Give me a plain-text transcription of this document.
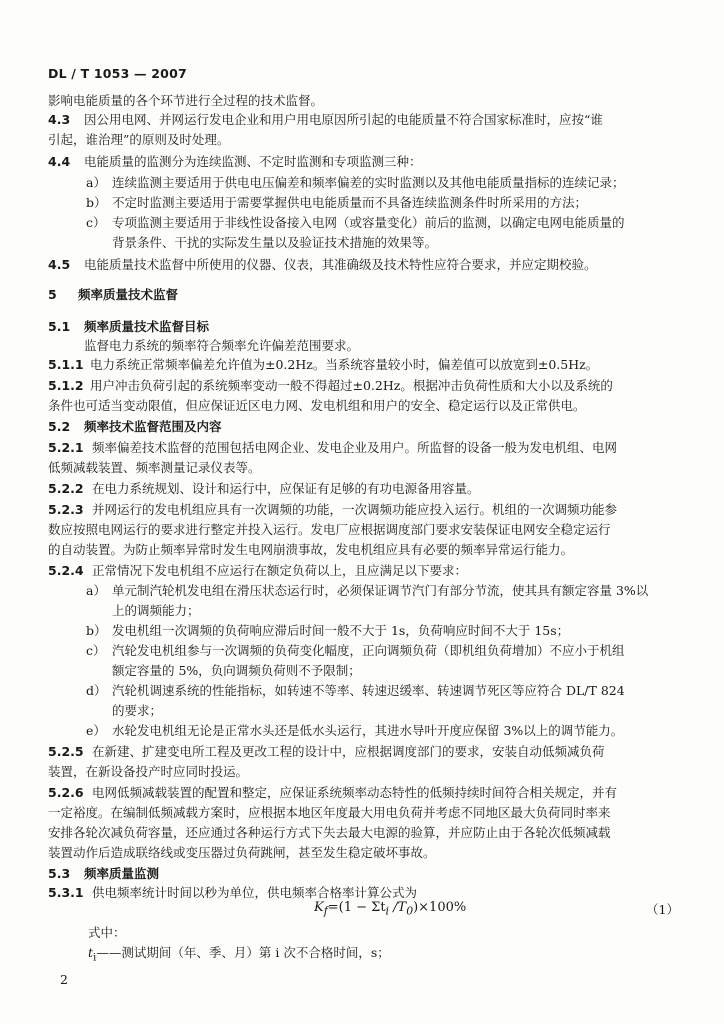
DL / T 1053 — 2007
影响电能质量的各个环节进行全过程的技术监督。
4.3 因公用电网、并网运行发电企业和用户用电原因所引起的电能质量不符合国家标准时，应按“谁
引起，谁治理”的原则及时处理。
4.4 电能质量的监测分为连续监测、不定时监测和专项监测三种：
a） 连续监测主要适用于供电电压偏差和频率偏差的实时监测以及其他电能质量指标的连续记录；
b） 不定时监测主要适用于需要掌握供电电能质量而不具备连续监测条件时所采用的方法；
c） 专项监测主要适用于非线性设备接入电网（或容量变化）前后的监测，以确定电网电能质量的
背景条件、干扰的实际发生量以及验证技术措施的效果等。
4.5 电能质量技术监督中所使用的仪器、仪表，其准确级及技术特性应符合要求，并应定期校验。
5 频率质量技术监督
5.1 频率质量技术监督目标
监督电力系统的频率符合频率允许偏差范围要求。
5.1.1 电力系统正常频率偏差允许值为±0.2Hz。当系统容量较小时，偏差值可以放宽到±0.5Hz。
5.1.2 用户冲击负荷引起的系统频率变动一般不得超过±0.2Hz。根据冲击负荷性质和大小以及系统的
条件也可适当变动限值，但应保证近区电力网、发电机组和用户的安全、稳定运行以及正常供电。
5.2 频率技术监督范围及内容
5.2.1 频率偏差技术监督的范围包括电网企业、发电企业及用户。所监督的设备一般为发电机组、电网
低频减载装置、频率测量记录仪表等。
5.2.2 在电力系统规划、设计和运行中，应保证有足够的有功电源备用容量。
5.2.3 并网运行的发电机组应具有一次调频的功能，一次调频功能应投入运行。机组的一次调频功能参
数应按照电网运行的要求进行整定并投入运行。发电厂应根据调度部门要求安装保证电网安全稳定运行
的自动装置。为防止频率异常时发生电网崩溃事故，发电机组应具有必要的频率异常运行能力。
5.2.4 正常情况下发电机组不应运行在额定负荷以上，且应满足以下要求：
a） 单元制汽轮机发电组在滑压状态运行时，必须保证调节汽门有部分节流，使其具有额定容量 3%以
上的调频能力；
b） 发电机组一次调频的负荷响应滞后时间一般不大于 1s，负荷响应时间不大于 15s；
c） 汽轮发电机组参与一次调频的负荷变化幅度，正向调频负荷（即机组负荷增加）不应小于机组
额定容量的 5%，负向调频负荷则不予限制；
d） 汽轮机调速系统的性能指标，如转速不等率、转速迟缓率、转速调节死区等应符合 DL/T 824
的要求；
e） 水轮发电机组无论是正常水头还是低水头运行，其进水导叶开度应保留 3%以上的调节能力。
5.2.5 在新建、扩建变电所工程及更改工程的设计中，应根据调度部门的要求，安装自动低频减负荷
装置，在新设备投产时应同时投运。
5.2.6 电网低频减载装置的配置和整定，应保证系统频率动态特性的低频持续时间符合相关规定，并有
一定裕度。在编制低频减载方案时，应根据本地区年度最大用电负荷并考虑不同地区最大负荷同时率来
安排各轮次减负荷容量，还应通过各种运行方式下失去最大电源的验算，并应防止由于各轮次低频减载
装置动作后造成联络线或变压器过负荷跳闸，甚至发生稳定破坏事故。
5.3 频率质量监测
5.3.1 供电频率统计时间以秒为单位，供电频率合格率计算公式为
$K_f=(1 - \Sigma t_i$ $/T_0)\times 100\%$	（1）
式中：
$t_i——$测试期间（年、季、月）第 i 次不合格时间，s；
2
